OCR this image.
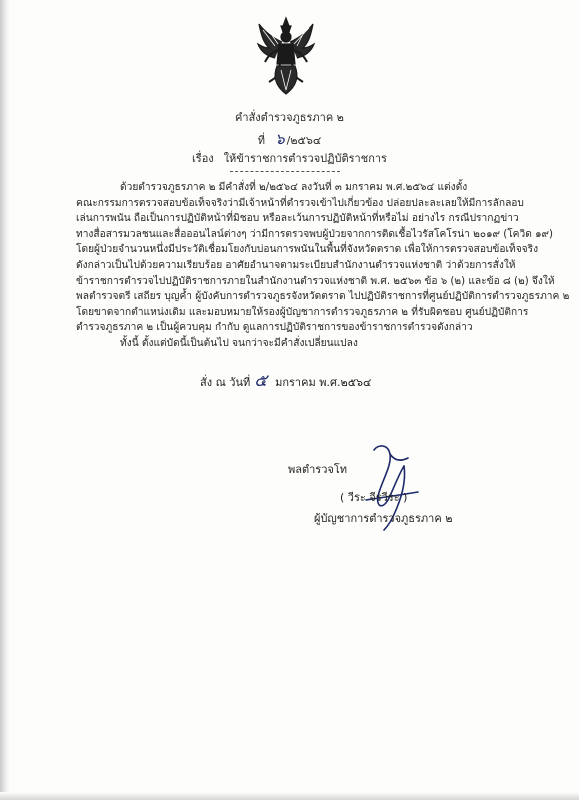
คำสั่งตำรวจภูธรภาค ๒
ที่ ๖ /๒๕๖๔
เรื่อง ให้ข้าราชการตำรวจปฏิบัติราชการ

ด้วยตำรวจภูธรภาค ๒ มีคำสั่งที่ ๒/๒๕๖๔ ลงวันที่ ๓ มกราคม พ.ศ.๒๕๖๔ แต่งตั้ง

คณะกรรมการตรวจสอบข้อเท็จจริงว่ามีเจ้าหน้าที่ตำรวจเข้าไปเกี่ยวข้อง ปล่อยปละละเลยให้มีการลักลอบ

เล่นการพนัน ถือเป็นการปฏิบัติหน้าที่มิชอบ หรือละเว้นการปฏิบัติหน้าที่หรือไม่ อย่างไร กรณีปรากฏข่าว

ทางสื่อสารมวลชนและสื่อออนไลน์ต่างๆ ว่ามีการตรวจพบผู้ป่วยจากการติดเชื้อไวรัสโคโรน่า ๒๐๑๙ (โควิด ๑๙)

โดยผู้ป่วยจำนวนหนึ่งมีประวัติเชื่อมโยงกับบ่อนการพนันในพื้นที่จังหวัดตราด เพื่อให้การตรวจสอบข้อเท็จจริง

ดังกล่าวเป็นไปด้วยความเรียบร้อย อาศัยอำนาจตามระเบียบสำนักงานตำรวจแห่งชาติ ว่าด้วยการสั่งให้

ข้าราชการตำรวจไปปฏิบัติราชการภายในสำนักงานตำรวจแห่งชาติ พ.ศ. ๒๕๖๓ ข้อ ๖ (๒) และข้อ ๘ (๒) จึงให้

พลตำรวจตรี เสถียร บุญค้ำ ผู้บังคับการตำรวจภูธรจังหวัดตราด ไปปฏิบัติราชการที่ศูนย์ปฏิบัติการตำรวจภูธรภาค ๒

โดยขาดจากตำแหน่งเดิม และมอบหมายให้รองผู้บัญชาการตำรวจภูธรภาค ๒ ที่รับผิดชอบ ศูนย์ปฏิบัติการ

ตำรวจภูธรภาค ๒ เป็นผู้ควบคุม กำกับ ดูแลการปฏิบัติราชการของข้าราชการตำรวจดังกล่าว

ทั้งนี้ ตั้งแต่บัดนี้เป็นต้นไป จนกว่าจะมีคำสั่งเปลี่ยนแปลง

สั่ง ณ วันที่ ๕ มกราคม พ.ศ.๒๕๖๔
พลตำรวจโท
( วีระ จีรวีระ )
ผู้บัญชาการตำรวจภูธรภาค ๒
